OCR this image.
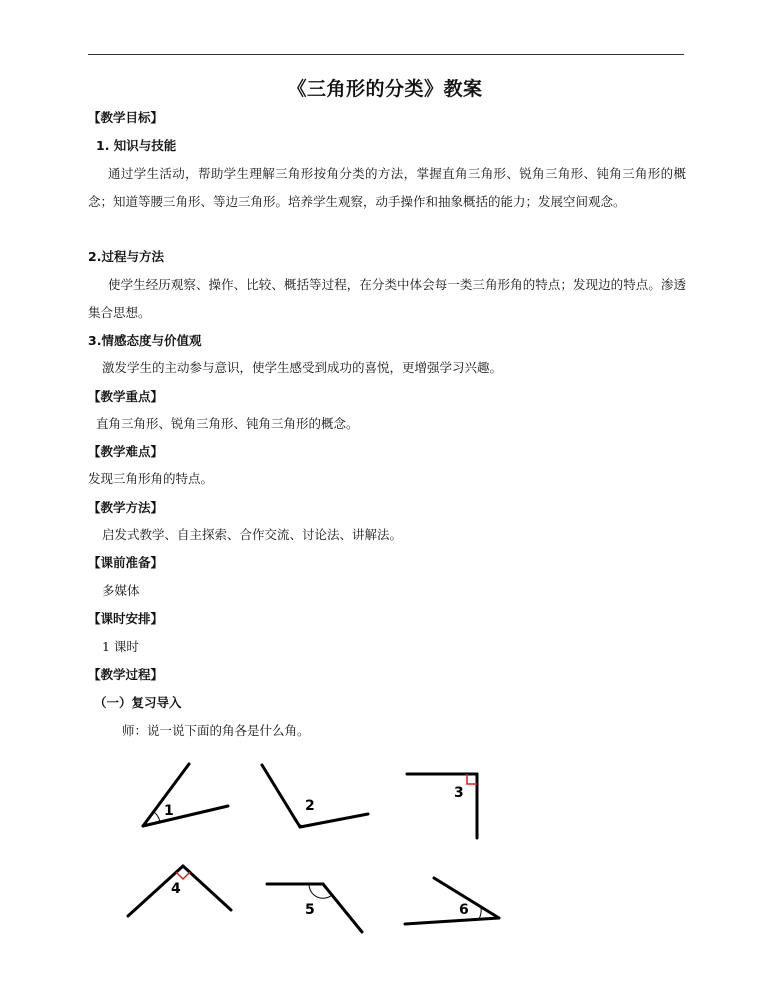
《三角形的分类》教案
【教学目标】
1. 知识与技能
通过学生活动，帮助学生理解三角形按角分类的方法，掌握直角三角形、锐角三角形、钝角三角形的概念；知道等腰三角形、等边三角形。培养学生观察，动手操作和抽象概括的能力；发展空间观念。
2.过程与方法
使学生经历观察、操作、比较、概括等过程，在分类中体会每一类三角形角的特点；发现边的特点。渗透集合思想。
3.情感态度与价值观
激发学生的主动参与意识，使学生感受到成功的喜悦，更增强学习兴趣。
【教学重点】
直角三角形、锐角三角形、钝角三角形的概念。
【教学难点】
发现三角形角的特点。
【教学方法】
启发式教学、自主探索、合作交流、讨论法、讲解法。
【课前准备】
多媒体
【课时安排】
1 课时
【教学过程】
（一）复习导入
师：说一说下面的角各是什么角。
1	2
3
4
5	6
